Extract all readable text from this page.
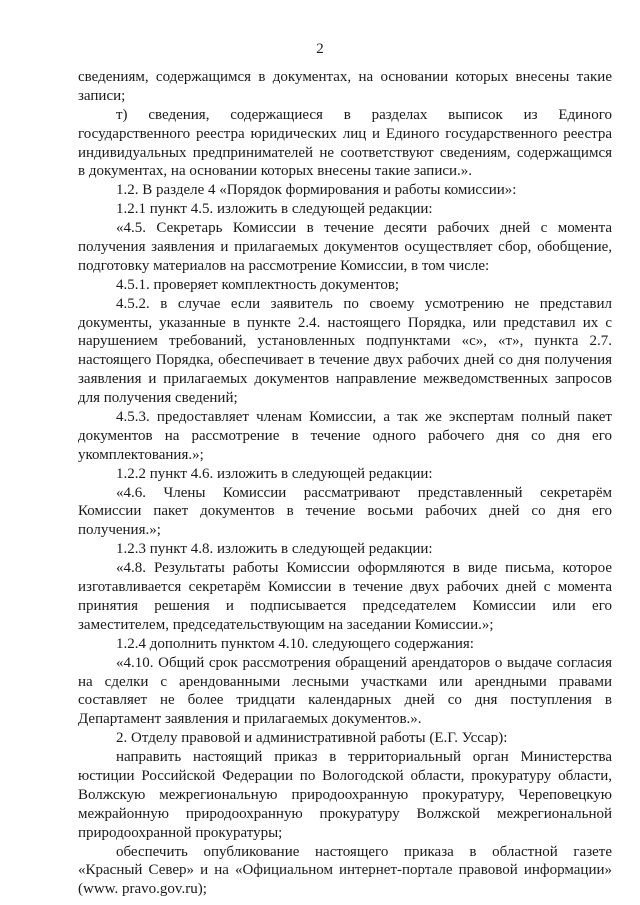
2
сведениям, содержащимся в документах, на основании которых внесены такие
записи;
т) сведения, содержащиеся в разделах выписок из Единого
государственного реестра юридических лиц и Единого государственного реестра
индивидуальных предпринимателей не соответствуют сведениям, содержащимся
в документах, на основании которых внесены такие записи.».
1.2. В разделе 4 «Порядок формирования и работы комиссии»:
1.2.1 пункт 4.5. изложить в следующей редакции:
«4.5. Секретарь Комиссии в течение десяти рабочих дней с момента
получения заявления и прилагаемых документов осуществляет сбор, обобщение,
подготовку материалов на рассмотрение Комиссии, в том числе:
4.5.1. проверяет комплектность документов;
4.5.2. в случае если заявитель по своему усмотрению не представил
документы, указанные в пункте 2.4. настоящего Порядка, или представил их с
нарушением требований, установленных подпунктами «с», «т», пункта 2.7.
настоящего Порядка, обеспечивает в течение двух рабочих дней со дня получения
заявления и прилагаемых документов направление межведомственных запросов
для получения сведений;
4.5.3. предоставляет членам Комиссии, а так же экспертам полный пакет
документов на рассмотрение в течение одного рабочего дня со дня его
укомплектования.»;
1.2.2 пункт 4.6. изложить в следующей редакции:
«4.6. Члены Комиссии рассматривают представленный секретарём
Комиссии пакет документов в течение восьми рабочих дней со дня его
получения.»;
1.2.3 пункт 4.8. изложить в следующей редакции:
«4.8. Результаты работы Комиссии оформляются в виде письма, которое
изготавливается секретарём Комиссии в течение двух рабочих дней с момента
принятия решения и подписывается председателем Комиссии или его
заместителем, председательствующим на заседании Комиссии.»;
1.2.4 дополнить пунктом 4.10. следующего содержания:
«4.10. Общий срок рассмотрения обращений арендаторов о выдаче согласия
на сделки с арендованными лесными участками или арендными правами
составляет не более тридцати календарных дней со дня поступления в
Департамент заявления и прилагаемых документов.».
2. Отделу правовой и административной работы (Е.Г. Уссар):
направить настоящий приказ в территориальный орган Министерства
юстиции Российской Федерации по Вологодской области, прокуратуру области,
Волжскую межрегиональную природоохранную прокуратуру, Череповецкую
межрайонную природоохранную прокуратуру Волжской межрегиональной
природоохранной прокуратуры;
обеспечить опубликование настоящего приказа в областной газете
«Красный Север» и на «Официальном интернет-портале правовой информации»
(www. pravo.gov.ru);
